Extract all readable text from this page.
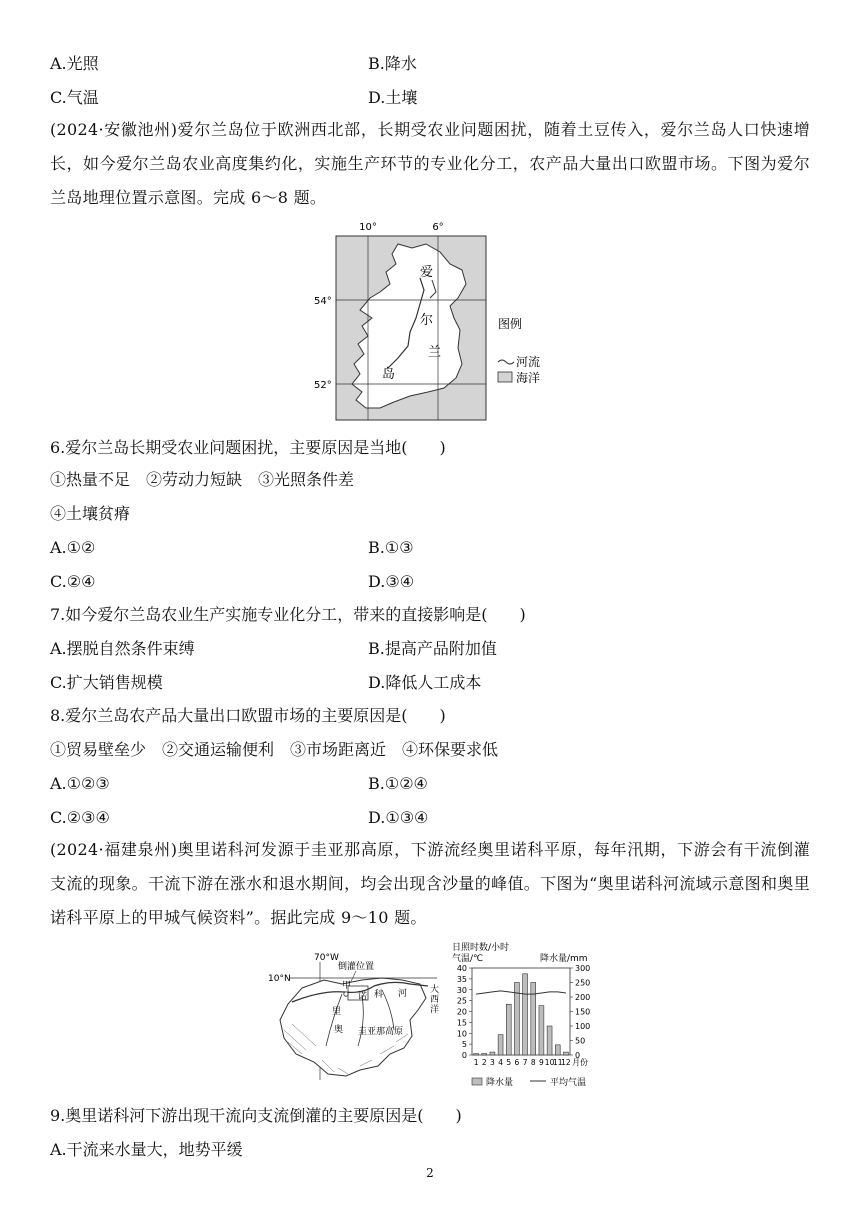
A.光照	B.降水
C.气温	D.土壤
(2024·安徽池州)爱尔兰岛位于欧洲西北部，长期受农业问题困扰，随着土豆传入，爱尔兰岛人口快速增长，如今爱尔兰岛农业高度集约化，实施生产环节的专业化分工，农产品大量出口欧盟市场。下图为爱尔兰岛地理位置示意图。完成 6～8 题。
10°	6°
54°
52°
爱
尔
兰
岛
图例
河流
海洋
6.爱尔兰岛长期受农业问题困扰，主要原因是当地(　　)
①热量不足　②劳动力短缺　③光照条件差
④土壤贫瘠
A.①②	B.①③
C.②④	D.③④
7.如今爱尔兰岛农业生产实施专业化分工，带来的直接影响是(　　)
A.摆脱自然条件束缚	B.提高产品附加值
C.扩大销售规模	D.降低人工成本
8.爱尔兰岛农产品大量出口欧盟市场的主要原因是(　　)
①贸易壁垒少　②交通运输便利　③市场距离近　④环保要求低
A.①②③	B.①②④
C.②③④	D.①③④
(2024·福建泉州)奥里诺科河发源于圭亚那高原，下游流经奥里诺科平原，每年汛期，下游会有干流倒灌支流的现象。干流下游在涨水和退水期间，均会出现含沙量的峰值。下图为“奥里诺科河流域示意图和奥里诺科平原上的甲城气候资料”。据此完成 9～10 题。
70°W
10°N
倒灌位置
甲
诺 科 河
里
奥 圭亚那高原
大
西
洋
日照时数/小时
气温/℃	降水量/mm
0
5
10
15
20
25
30
35
40
0
50
100
150
200
250
300
1 2 3 4 5 6 7 8 9 10
11
12 月份
降水量	平均气温
9.奥里诺科河下游出现干流向支流倒灌的主要原因是(　　)
A.干流来水量大，地势平缓
2
